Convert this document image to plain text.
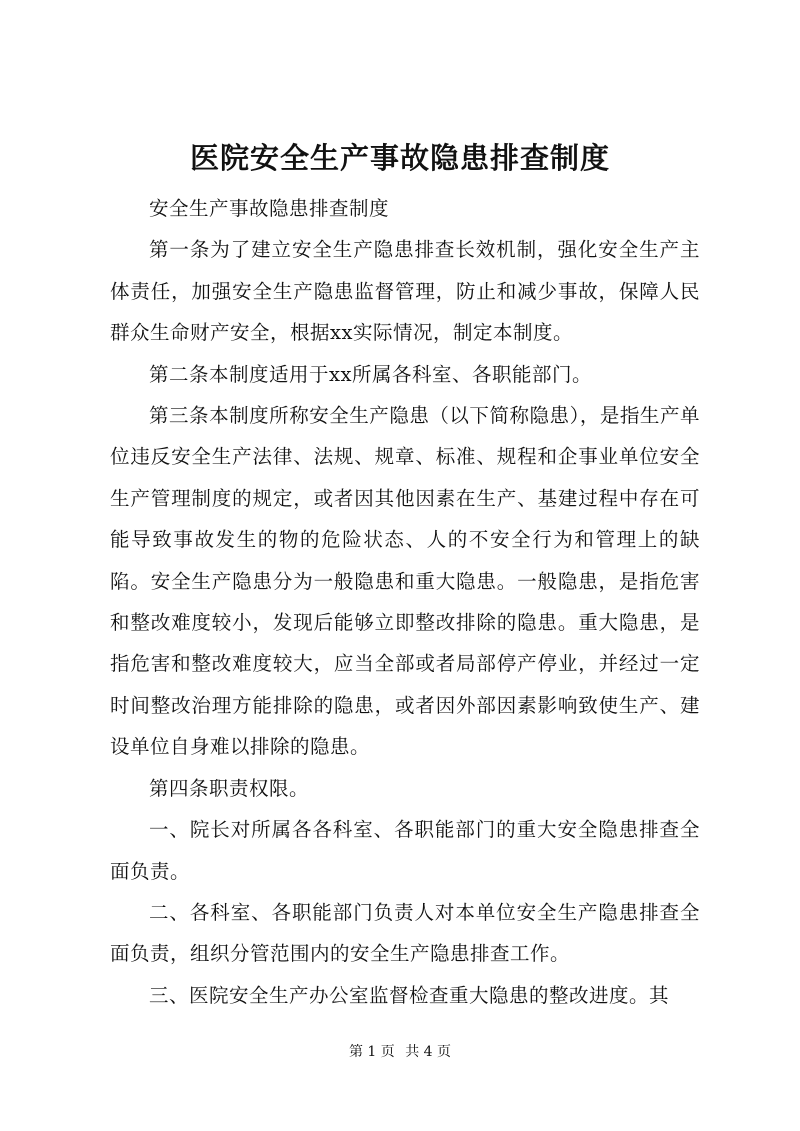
医院安全生产事故隐患排查制度

安全生产事故隐患排查制度

第一条为了建立安全生产隐患排查长效机制，强化安全生产主体责任，加强安全生产隐患监督管理，防止和减少事故，保障人民群众生命财产安全，根据xx实际情况，制定本制度。

第二条本制度适用于xx所属各科室、各职能部门。

第三条本制度所称安全生产隐患（以下简称隐患），是指生产单位违反安全生产法律、法规、规章、标准、规程和企事业单位安全生产管理制度的规定，或者因其他因素在生产、基建过程中存在可能导致事故发生的物的危险状态、人的不安全行为和管理上的缺陷。安全生产隐患分为一般隐患和重大隐患。一般隐患，是指危害和整改难度较小，发现后能够立即整改排除的隐患。重大隐患，是指危害和整改难度较大，应当全部或者局部停产停业，并经过一定时间整改治理方能排除的隐患，或者因外部因素影响致使生产、建设单位自身难以排除的隐患。

第四条职责权限。

一、院长对所属各各科室、各职能部门的重大安全隐患排查全面负责。

二、各科室、各职能部门负责人对本单位安全生产隐患排查全面负责，组织分管范围内的安全生产隐患排查工作。

三、医院安全生产办公室监督检查重大隐患的整改进度。其

第 1 页 共 4 页
